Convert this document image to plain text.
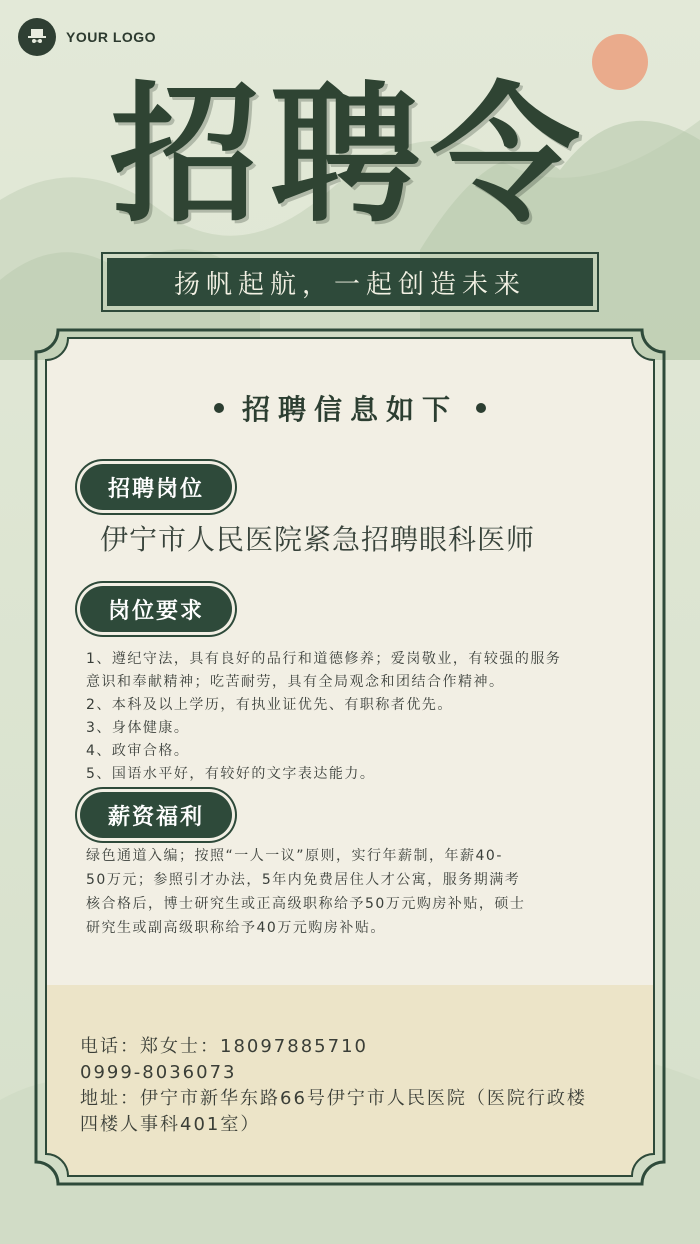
YOUR LOGO
招聘令
扬帆起航，一起创造未来
招聘信息如下
招聘岗位
伊宁市人民医院紧急招聘眼科医师
岗位要求
1、遵纪守法，具有良好的品行和道德修养；爱岗敬业，有较强的服务
意识和奉献精神；吃苦耐劳，具有全局观念和团结合作精神。
2、本科及以上学历，有执业证优先、有职称者优先。
3、身体健康。
4、政审合格。
5、国语水平好，有较好的文字表达能力。
薪资福利
绿色通道入编；按照“一人一议”原则，实行年薪制，年薪40-
50万元；参照引才办法，5年内免费居住人才公寓，服务期满考
核合格后，博士研究生或正高级职称给予50万元购房补贴，硕士
研究生或副高级职称给予40万元购房补贴。
电话：郑女士：18097885710
0999-8036073
地址：伊宁市新华东路66号伊宁市人民医院（医院行政楼
四楼人事科401室）
